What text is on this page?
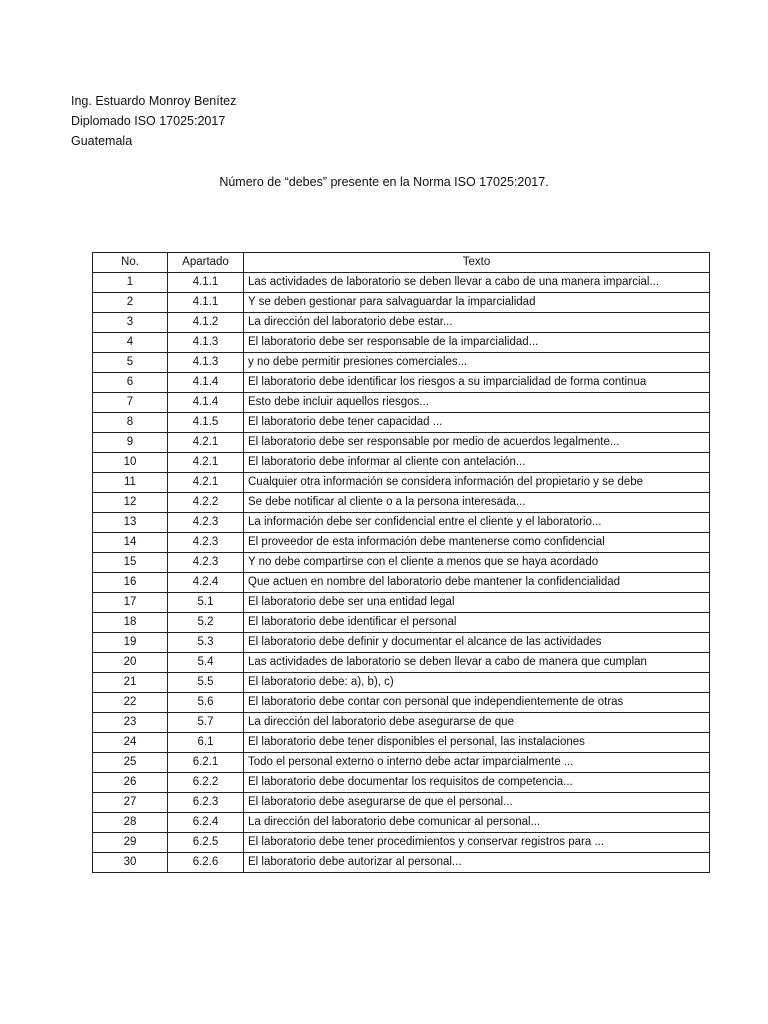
Ing. Estuardo Monroy Benítez
Diplomado ISO 17025:2017
Guatemala
Número de “debes” presente en la Norma ISO 17025:2017.
No.	Apartado	Texto
1	4.1.1	Las actividades de laboratorio se deben llevar a cabo de una manera imparcial...
2	4.1.1	Y se deben gestionar para salvaguardar la imparcialidad
3	4.1.2	La dirección del laboratorio debe estar...
4	4.1.3	El laboratorio debe ser responsable de la imparcialidad...
5	4.1.3	y no debe permitir presiones comerciales...
6	4.1.4	El laboratorio debe identificar los riesgos a su imparcialidad de forma continua
7	4.1.4	Esto debe incluir aquellos riesgos...
8	4.1.5	El laboratorio debe tener capacidad ...
9	4.2.1	El laboratorio debe ser responsable por medio de acuerdos legalmente...
10	4.2.1	El laboratorio debe informar al cliente con antelación...
11	4.2.1	Cualquier otra información se considera información del propietario y se debe
12	4.2.2	Se debe notificar al cliente o a la persona interesada...
13	4.2.3	La información debe ser confidencial entre el cliente y el laboratorio...
14	4.2.3	El proveedor de esta información debe mantenerse como confidencial
15	4.2.3	Y no debe compartirse con el cliente a menos que se haya acordado
16	4.2.4	Que actuen en nombre del laboratorio debe mantener la confidencialidad
17	5.1	El laboratorio debe ser una entidad legal
18	5.2	El laboratorio debe identificar el personal
19	5.3	El laboratorio debe definir y documentar el alcance de las actividades
20	5.4	Las actividades de laboratorio se deben llevar a cabo de manera que cumplan
21	5.5	El laboratorio debe: a), b), c)
22	5.6	El laboratorio debe contar con personal que independientemente de otras
23	5.7	La dirección del laboratorio debe asegurarse de que
24	6.1	El laboratorio debe tener disponibles el personal, las instalaciones
25	6.2.1	Todo el personal externo o interno debe actar imparcialmente ...
26	6.2.2	El laboratorio debe documentar los requisitos de competencia...
27	6.2.3	El laboratorio debe asegurarse de que el personal...
28	6.2.4	La dirección del laboratorio debe comunicar al personal...
29	6.2.5	El laboratorio debe tener procedimientos y conservar registros para ...
30	6.2.6	El laboratorio debe autorizar al personal...
